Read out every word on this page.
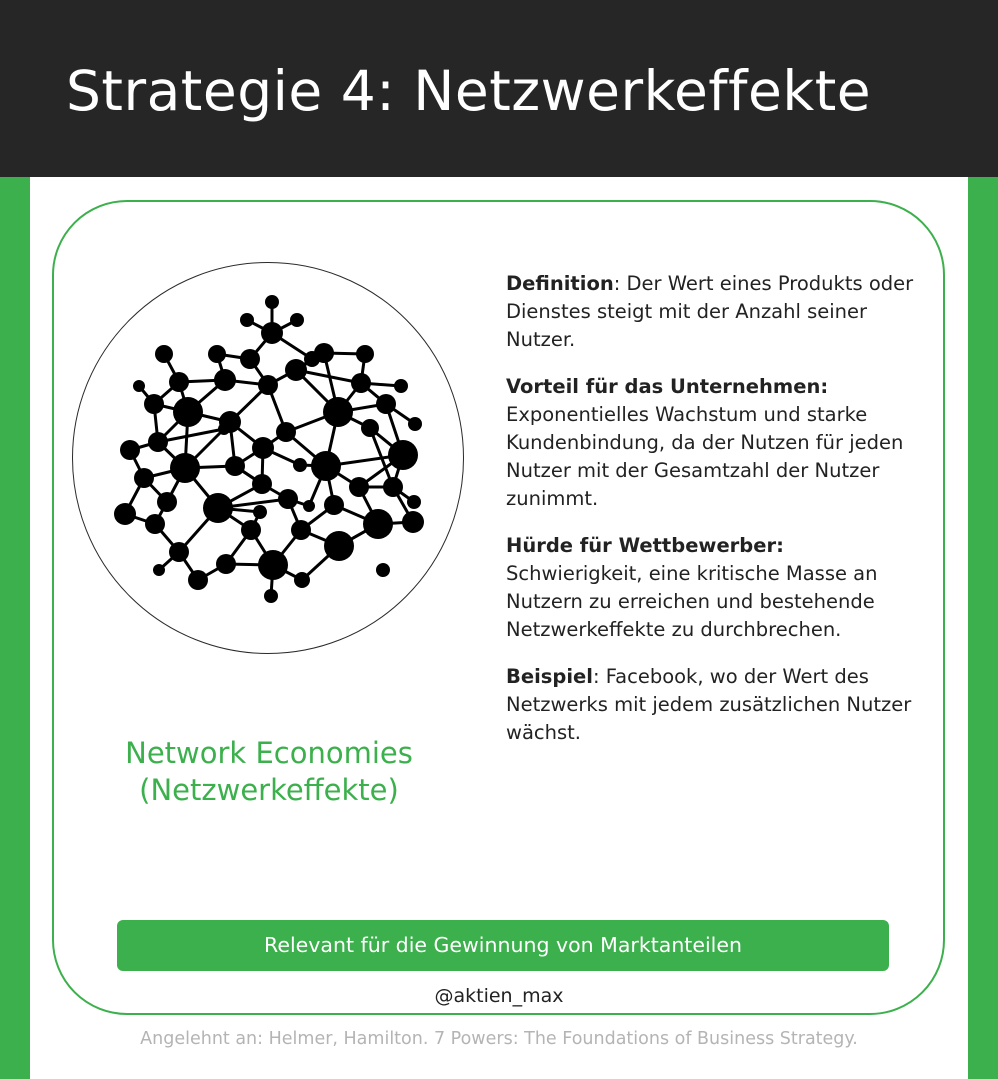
Strategie 4: Netzwerkeffekte
Network Economies
(Netzwerkeffekte)

Definition: Der Wert eines Produkts oder Dienstes steigt mit der Anzahl seiner Nutzer.

Vorteil für das Unternehmen: Exponentielles Wachstum und starke Kundenbindung, da der Nutzen für jeden Nutzer mit der Gesamtzahl der Nutzer zunimmt.

Hürde für Wettbewerber: Schwierigkeit, eine kritische Masse an Nutzern zu erreichen und bestehende Netzwerkeffekte zu durchbrechen.

Beispiel: Facebook, wo der Wert des Netzwerks mit jedem zusätzlichen Nutzer wächst.

Relevant für die Gewinnung von Marktanteilen
@aktien_max
Angelehnt an: Helmer, Hamilton. 7 Powers: The Foundations of Business Strategy.
